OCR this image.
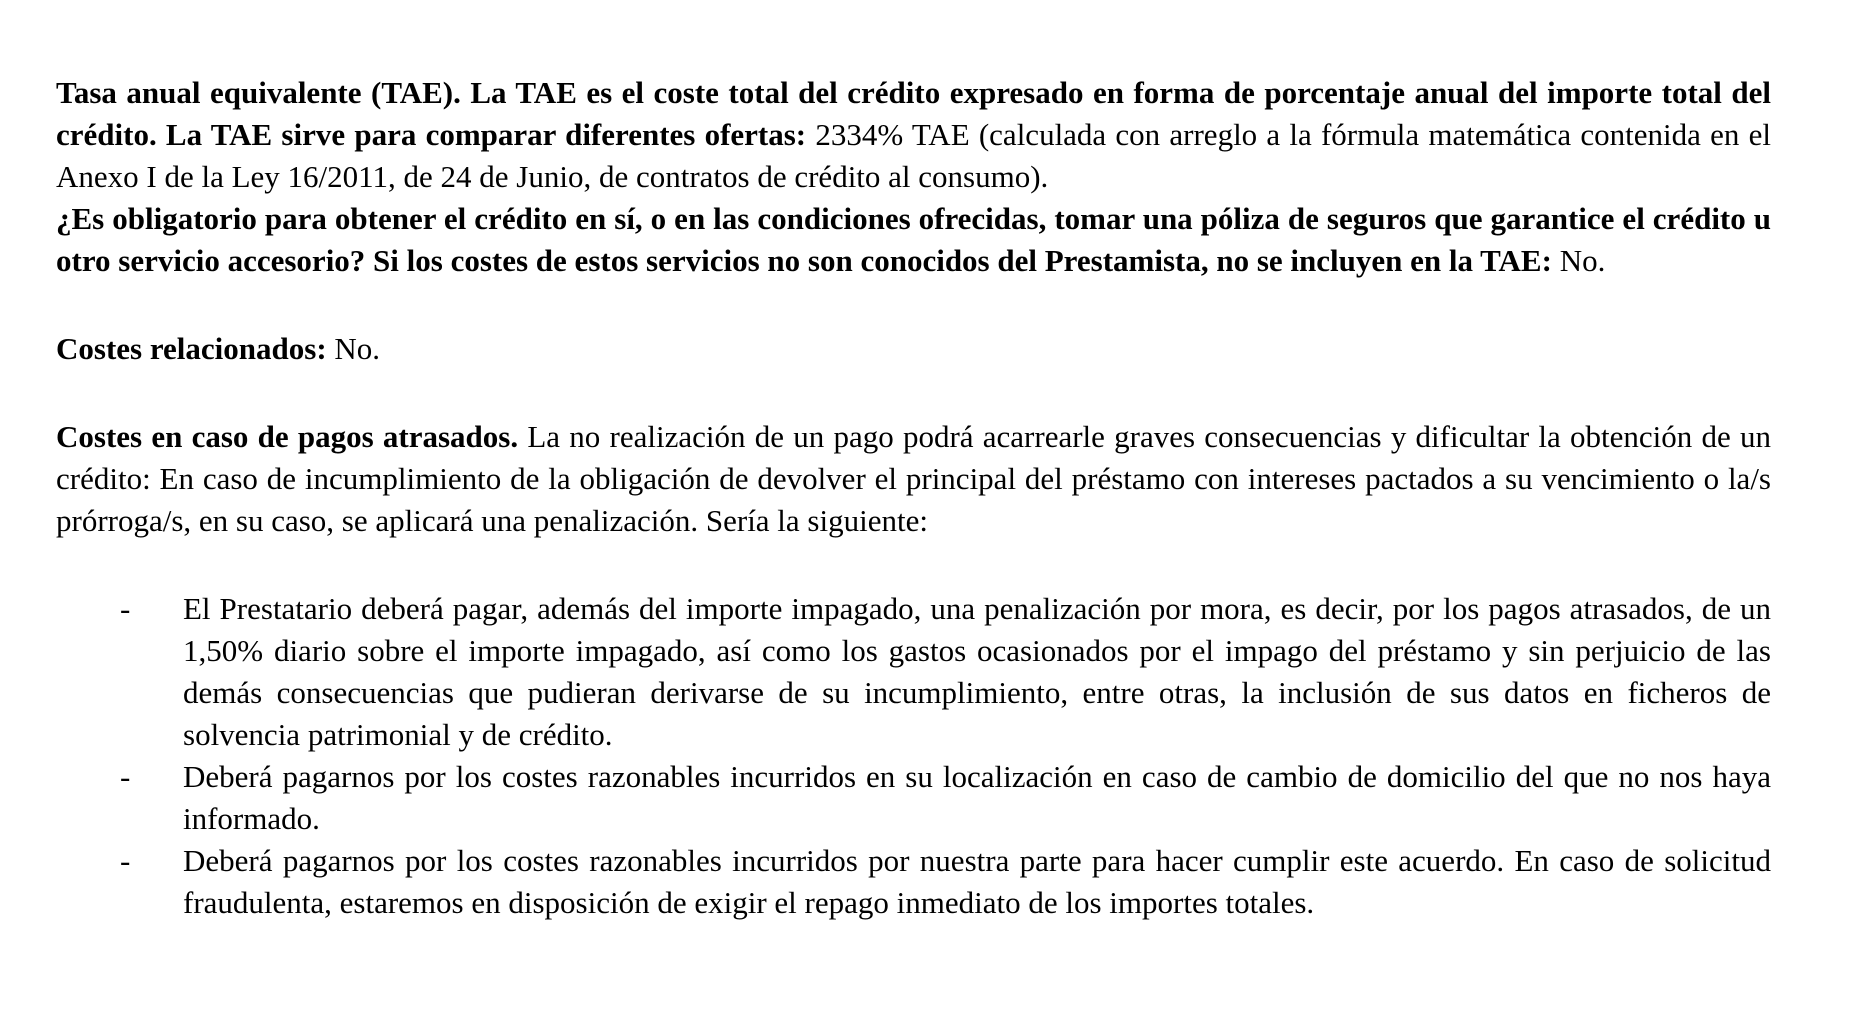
Tasa anual equivalente (TAE). La TAE es el coste total del crédito expresado en forma de porcentaje anual del importe total del crédito. La TAE sirve para comparar diferentes ofertas: 2334% TAE (calculada con arreglo a la fórmula matemática contenida en el Anexo I de la Ley 16/2011, de 24 de Junio, de contratos de crédito al consumo).

¿Es obligatorio para obtener el crédito en sí, o en las condiciones ofrecidas, tomar una póliza de seguros que garantice el crédito u otro servicio accesorio? Si los costes de estos servicios no son conocidos del Prestamista, no se incluyen en la TAE: No.

Costes relacionados: No.

Costes en caso de pagos atrasados. La no realización de un pago podrá acarrearle graves consecuencias y dificultar la obtención de un crédito: En caso de incumplimiento de la obligación de devolver el principal del préstamo con intereses pactados a su vencimiento o la/s prórroga/s, en su caso, se aplicará una penalización. Sería la siguiente:

- El Prestatario deberá pagar, además del importe impagado, una penalización por mora, es decir, por los pagos atrasados, de un 1,50% diario sobre el importe impagado, así como los gastos ocasionados por el impago del préstamo y sin perjuicio de las demás consecuencias que pudieran derivarse de su incumplimiento, entre otras, la inclusión de sus datos en ficheros de solvencia patrimonial y de crédito.
- Deberá pagarnos por los costes razonables incurridos en su localización en caso de cambio de domicilio del que no nos haya informado.
- Deberá pagarnos por los costes razonables incurridos por nuestra parte para hacer cumplir este acuerdo. En caso de solicitud fraudulenta, estaremos en disposición de exigir el repago inmediato de los importes totales.
